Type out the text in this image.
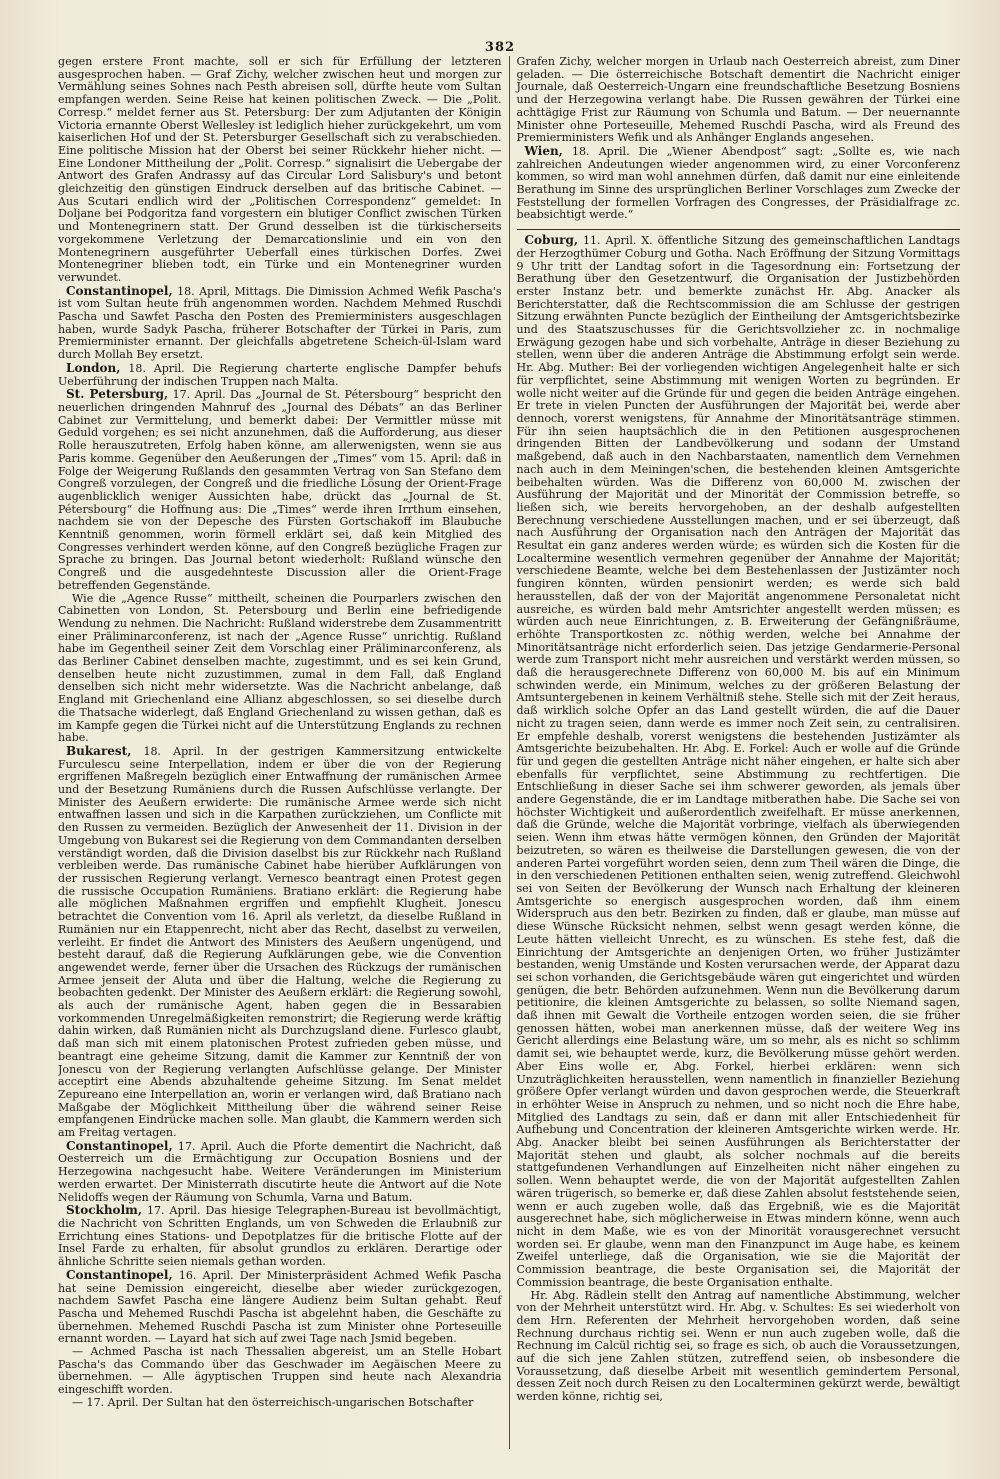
382

gegen erstere Front machte, soll er sich für Erfüllung der letzteren ausgesprochen haben. — Graf Zichy, welcher zwischen heut und morgen zur Vermählung seines Sohnes nach Pesth abreisen soll, dürfte heute vom Sultan empfangen werden. Seine Reise hat keinen politischen Zweck. — Die „Polit. Corresp.“ meldet ferner aus St. Petersburg: Der zum Adjutanten der Königin Victoria ernannte Oberst Wellesley ist lediglich hieher zurückgekehrt, um vom kaiserlichen Hof und der St. Petersburger Gesellschaft sich zu verabschieden. Eine politische Mission hat der Oberst bei seiner Rückkehr hieher nicht. — Eine Londoner Mittheilung der „Polit. Corresp.“ signalisirt die Uebergabe der Antwort des Grafen Andrassy auf das Circular Lord Salisbury's und betont gleichzeitig den günstigen Eindruck derselben auf das britische Cabinet. — Aus Scutari endlich wird der „Politischen Correspondenz“ gemeldet: In Doljane bei Podgoritza fand vorgestern ein blutiger Conflict zwischen Türken und Montenegrinern statt. Der Grund desselben ist die türkischerseits vorgekommene Verletzung der Demarcationslinie und ein von den Montenegrinern ausgeführter Ueberfall eines türkischen Dorfes. Zwei Montenegriner blieben todt, ein Türke und ein Montenegriner wurden verwundet.

Constantinopel, 18. April, Mittags. Die Dimission Achmed Wefik Pascha's ist vom Sultan heute früh angenommen worden. Nachdem Mehmed Ruschdi Pascha und Sawfet Pascha den Posten des Premierministers ausgeschlagen haben, wurde Sadyk Pascha, früherer Botschafter der Türkei in Paris, zum Premierminister ernannt. Der gleichfalls abgetretene Scheich-ül-Islam ward durch Mollah Bey ersetzt.

London, 18. April. Die Regierung charterte englische Dampfer behufs Ueberführung der indischen Truppen nach Malta.

St. Petersburg, 17. April. Das „Journal de St. Pétersbourg“ bespricht den neuerlichen dringenden Mahnruf des „Journal des Débats“ an das Berliner Cabinet zur Vermittelung, und bemerkt dabei: Der Vermittler müsse mit Geduld vorgehen; es sei nicht anzunehmen, daß die Aufforderung, aus dieser Rolle herauszutreten, Erfolg haben könne, am allerwenigsten, wenn sie aus Paris komme. Gegenüber den Aeußerungen der „Times“ vom 15. April: daß in Folge der Weigerung Rußlands den gesammten Vertrag von San Stefano dem Congreß vorzulegen, der Congreß und die friedliche Lösung der Orient-Frage augenblicklich weniger Aussichten habe, drückt das „Journal de St. Pétersbourg“ die Hoffnung aus: Die „Times“ werde ihren Irrthum einsehen, nachdem sie von der Depesche des Fürsten Gortschakoff im Blaubuche Kenntniß genommen, worin förmell erklärt sei, daß kein Mitglied des Congresses verhindert werden könne, auf den Congreß bezügliche Fragen zur Sprache zu bringen. Das Journal betont wiederholt: Rußland wünsche den Congreß und die ausgedehnteste Discussion aller die Orient-Frage betreffenden Gegenstände.

Wie die „Agence Russe“ mittheilt, scheinen die Pourparlers zwischen den Cabinetten von London, St. Petersbourg und Berlin eine befriedigende Wendung zu nehmen. Die Nachricht: Rußland widerstrebe dem Zusammentritt einer Präliminarconferenz, ist nach der „Agence Russe“ unrichtig. Rußland habe im Gegentheil seiner Zeit dem Vorschlag einer Präliminarconferenz, als das Berliner Cabinet denselben machte, zugestimmt, und es sei kein Grund, denselben heute nicht zuzustimmen, zumal in dem Fall, daß England denselben sich nicht mehr widersetzte. Was die Nachricht anbelange, daß England mit Griechenland eine Allianz abgeschlossen, so sei dieselbe durch die Thatsache widerlegt, daß England Griechenland zu wissen gethan, daß es im Kampfe gegen die Türkei nicht auf die Unterstützung Englands zu rechnen habe.

Bukarest, 18. April. In der gestrigen Kammersitzung entwickelte Furculescu seine Interpellation, indem er über die von der Regierung ergriffenen Maßregeln bezüglich einer Entwaffnung der rumänischen Armee und der Besetzung Rumäniens durch die Russen Aufschlüsse verlangte. Der Minister des Aeußern erwiderte: Die rumänische Armee werde sich nicht entwaffnen lassen und sich in die Karpathen zurückziehen, um Conflicte mit den Russen zu vermeiden. Bezüglich der Anwesenheit der 11. Division in der Umgebung von Bukarest sei die Regierung von dem Commandanten derselben verständigt worden, daß die Division daselbst bis zur Rückkehr nach Rußland verbleiben werde. Das rumänische Cabinet habe hierüber Aufklärungen von der russischen Regierung verlangt. Vernesco beantragt einen Protest gegen die russische Occupation Rumäniens. Bratiano erklärt: die Regierung habe alle möglichen Maßnahmen ergriffen und empfiehlt Klugheit. Jonescu betrachtet die Convention vom 16. April als verletzt, da dieselbe Rußland in Rumänien nur ein Etappenrecht, nicht aber das Recht, daselbst zu verweilen, verleiht. Er findet die Antwort des Ministers des Aeußern ungenügend, und besteht darauf, daß die Regierung Aufklärungen gebe, wie die Convention angewendet werde, ferner über die Ursachen des Rückzugs der rumänischen Armee jenseit der Aluta und über die Haltung, welche die Regierung zu beobachten gedenkt. Der Minister des Aeußern erklärt: die Regierung sowohl, als auch der rumänische Agent, haben gegen die in Bessarabien vorkommenden Unregelmäßigkeiten remonstrirt; die Regierung werde kräftig dahin wirken, daß Rumänien nicht als Durchzugsland diene. Furlesco glaubt, daß man sich mit einem platonischen Protest zufrieden geben müsse, und beantragt eine geheime Sitzung, damit die Kammer zur Kenntniß der von Jonescu von der Regierung verlangten Aufschlüsse gelange. Der Minister acceptirt eine Abends abzuhaltende geheime Sitzung. Im Senat meldet Zepureano eine Interpellation an, worin er verlangen wird, daß Bratiano nach Maßgabe der Möglichkeit Mittheilung über die während seiner Reise empfangenen Eindrücke machen solle. Man glaubt, die Kammern werden sich am Freitag vertagen.

Constantinopel, 17. April. Auch die Pforte dementirt die Nachricht, daß Oesterreich um die Ermächtigung zur Occupation Bosniens und der Herzegowina nachgesucht habe. Weitere Veränderungen im Ministerium werden erwartet. Der Ministerrath discutirte heute die Antwort auf die Note Nelidoffs wegen der Räumung von Schumla, Varna und Batum.

Stockholm, 17. April. Das hiesige Telegraphen-Bureau ist bevollmächtigt, die Nachricht von Schritten Englands, um von Schweden die Erlaubniß zur Errichtung eines Stations- und Depotplatzes für die britische Flotte auf der Insel Farde zu erhalten, für absolut grundlos zu erklären. Derartige oder ähnliche Schritte seien niemals gethan worden.

Constantinopel, 16. April. Der Ministerpräsident Achmed Wefik Pascha hat seine Demission eingereicht, dieselbe aber wieder zurückgezogen, nachdem Sawfet Pascha eine längere Audienz beim Sultan gehabt. Reuf Pascha und Mehemed Ruschdi Pascha ist abgelehnt haben, die Geschäfte zu übernehmen. Mehemed Ruschdi Pascha ist zum Minister ohne Porteseuille ernannt worden. — Layard hat sich auf zwei Tage nach Jsmid begeben.

— Achmed Pascha ist nach Thessalien abgereist, um an Stelle Hobart Pascha's das Commando über das Geschwader im Aegäischen Meere zu übernehmen. — Alle ägyptischen Truppen sind heute nach Alexandria eingeschifft worden.

— 17. April. Der Sultan hat den österreichisch-ungarischen Botschafter

Grafen Zichy, welcher morgen in Urlaub nach Oesterreich abreist, zum Diner geladen. — Die österreichische Botschaft dementirt die Nachricht einiger Journale, daß Oesterreich-Ungarn eine freundschaftliche Besetzung Bosniens und der Herzegowina verlangt habe. Die Russen gewähren der Türkei eine achttägige Frist zur Räumung von Schumla und Batum. — Der neuernannte Minister ohne Porteseuille, Mehemed Ruschdi Pascha, wird als Freund des Premierministers Wefik und als Anhänger Englands angesehen.

Wien, 18. April. Die „Wiener Abendpost“ sagt: „Sollte es, wie nach zahlreichen Andeutungen wieder angenommen wird, zu einer Vorconferenz kommen, so wird man wohl annehmen dürfen, daß damit nur eine einleitende Berathung im Sinne des ursprünglichen Berliner Vorschlages zum Zwecke der Feststellung der formellen Vorfragen des Congresses, der Präsidialfrage zc. beabsichtigt werde.“

Coburg, 11. April. X. öffentliche Sitzung des gemeinschaftlichen Landtags der Herzogthümer Coburg und Gotha. Nach Eröffnung der Sitzung Vormittags 9 Uhr tritt der Landtag sofort in die Tagesordnung ein: Fortsetzung der Berathung über den Gesetzentwurf, die Organisation der Justizbehörden erster Instanz betr. und bemerkte zunächst Hr. Abg. Anacker als Berichterstatter, daß die Rechtscommission die am Schlusse der gestrigen Sitzung erwähnten Puncte bezüglich der Eintheilung der Amtsgerichtsbezirke und des Staatszuschusses für die Gerichtsvollzieher zc. in nochmalige Erwägung gezogen habe und sich vorbehalte, Anträge in dieser Beziehung zu stellen, wenn über die anderen Anträge die Abstimmung erfolgt sein werde. Hr. Abg. Muther: Bei der vorliegenden wichtigen Angelegenheit halte er sich für verpflichtet, seine Abstimmung mit wenigen Worten zu begründen. Er wolle nicht weiter auf die Gründe für und gegen die beiden Anträge eingehen. Er trete in vielen Puncten der Ausführungen der Majorität bei, werde aber dennoch, vorerst wenigstens, für Annahme der Minoritätsanträge stimmen. Für ihn seien hauptsächlich die in den Petitionen ausgesprochenen dringenden Bitten der Landbevölkerung und sodann der Umstand maßgebend, daß auch in den Nachbarstaaten, namentlich dem Vernehmen nach auch in dem Meiningen'schen, die bestehenden kleinen Amtsgerichte beibehalten würden. Was die Differenz von 60,000 M. zwischen der Ausführung der Majorität und der Minorität der Commission betreffe, so ließen sich, wie bereits hervorgehoben, an der deshalb aufgestellten Berechnung verschiedene Ausstellungen machen, und er sei überzeugt, daß nach Ausführung der Organisation nach den Anträgen der Majorität das Resultat ein ganz anderes werden würde; es würden sich die Kosten für die Localtermine wesentlich vermehren gegenüber der Annahme der Majorität; verschiedene Beamte, welche bei dem Bestehenlassen der Justizämter noch fungiren könnten, würden pensionirt werden; es werde sich bald herausstellen, daß der von der Majorität angenommene Personaletat nicht ausreiche, es würden bald mehr Amtsrichter angestellt werden müssen; es würden auch neue Einrichtungen, z. B. Erweiterung der Gefängnißräume, erhöhte Transportkosten zc. nöthig werden, welche bei Annahme der Minoritätsanträge nicht erforderlich seien. Das jetzige Gendarmerie-Personal werde zum Transport nicht mehr ausreichen und verstärkt werden müssen, so daß die herausgerechnete Differenz von 60,000 M. bis auf ein Minimum schwinden werde, ein Minimum, welches zu der größeren Belastung der Amtsuntergebenen in keinem Verhältniß stehe. Stelle sich mit der Zeit heraus, daß wirklich solche Opfer an das Land gestellt würden, die auf die Dauer nicht zu tragen seien, dann werde es immer noch Zeit sein, zu centralisiren. Er empfehle deshalb, vorerst wenigstens die bestehenden Justizämter als Amtsgerichte beizubehalten. Hr. Abg. E. Forkel: Auch er wolle auf die Gründe für und gegen die gestellten Anträge nicht näher eingehen, er halte sich aber ebenfalls für verpflichtet, seine Abstimmung zu rechtfertigen. Die Entschließung in dieser Sache sei ihm schwerer geworden, als jemals über andere Gegenstände, die er im Landtage mitberathen habe. Die Sache sei von höchster Wichtigkeit und außerordentlich zweifelhaft. Er müsse anerkennen, daß die Gründe, welche die Majorität vorbringe, vielfach als überwiegenden seien. Wenn ihm etwas hätte vermögen können, den Gründen der Majorität beizutreten, so wären es theilweise die Darstellungen gewesen, die von der anderen Partei vorgeführt worden seien, denn zum Theil wären die Dinge, die in den verschiedenen Petitionen enthalten seien, wenig zutreffend. Gleichwohl sei von Seiten der Bevölkerung der Wunsch nach Erhaltung der kleineren Amtsgerichte so energisch ausgesprochen worden, daß ihm einem Widerspruch aus den betr. Bezirken zu finden, daß er glaube, man müsse auf diese Wünsche Rücksicht nehmen, selbst wenn gesagt werden könne, die Leute hätten vielleicht Unrecht, es zu wünschen. Es stehe fest, daß die Einrichtung der Amtsgerichte an denjenigen Orten, wo früher Justizämter bestanden, wenig Umstände und Kosten verursachen werde, der Apparat dazu sei schon vorhanden, die Gerichtsgebäude wären gut eingerichtet und würden genügen, die betr. Behörden aufzunehmen. Wenn nun die Bevölkerung darum petitionire, die kleinen Amtsgerichte zu belassen, so sollte Niemand sagen, daß ihnen mit Gewalt die Vortheile entzogen worden seien, die sie früher genossen hätten, wobei man anerkennen müsse, daß der weitere Weg ins Gericht allerdings eine Belastung wäre, um so mehr, als es nicht so schlimm damit sei, wie behauptet werde, kurz, die Bevölkerung müsse gehört werden. Aber Eins wolle er, Abg. Forkel, hierbei erklären: wenn sich Unzuträglichkeiten herausstellen, wenn namentlich in finanzieller Beziehung größere Opfer verlangt würden und davon gesprochen werde, die Steuerkraft in erhöhter Weise in Anspruch zu nehmen, und so nicht noch die Ehre habe, Mitglied des Landtags zu sein, daß er dann mit aller Entschiedenheit für Aufhebung und Concentration der kleineren Amtsgerichte wirken werde. Hr. Abg. Anacker bleibt bei seinen Ausführungen als Berichterstatter der Majorität stehen und glaubt, als solcher nochmals auf die bereits stattgefundenen Verhandlungen auf Einzelheiten nicht näher eingehen zu sollen. Wenn behauptet werde, die von der Majorität aufgestellten Zahlen wären trügerisch, so bemerke er, daß diese Zahlen absolut feststehende seien, wenn er auch zugeben wolle, daß das Ergebniß, wie es die Majorität ausgerechnet habe, sich möglicherweise in Etwas mindern könne, wenn auch nicht in dem Maße, wie es von der Minorität vorausgerechnet versucht worden sei. Er glaube, wenn man den Finanzpunct im Auge habe, es keinem Zweifel unterliege, daß die Organisation, wie sie die Majorität der Commission beantrage, die beste Organisation sei, die Majorität der Commission beantrage, die beste Organisation enthalte.

Hr. Abg. Rädlein stellt den Antrag auf namentliche Abstimmung, welcher von der Mehrheit unterstützt wird. Hr. Abg. v. Schultes: Es sei wiederholt von dem Hrn. Referenten der Mehrheit hervorgehoben worden, daß seine Rechnung durchaus richtig sei. Wenn er nun auch zugeben wolle, daß die Rechnung im Calcül richtig sei, so frage es sich, ob auch die Voraussetzungen, auf die sich jene Zahlen stützen, zutreffend seien, ob insbesondere die Voraussetzung, daß dieselbe Arbeit mit wesentlich gemindertem Personal, dessen Zeit noch durch Reisen zu den Localterminen gekürzt werde, bewältigt werden könne, richtig sei,
